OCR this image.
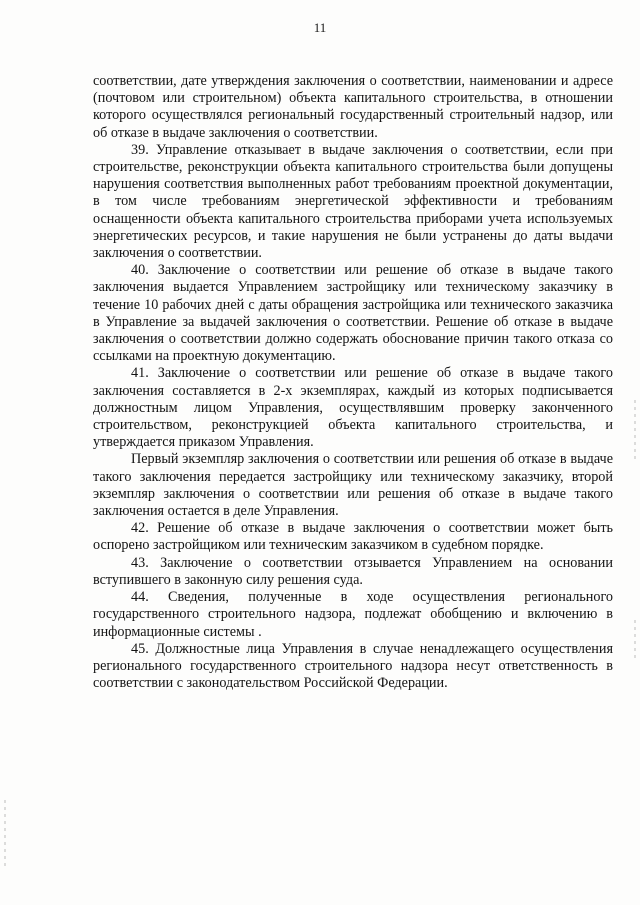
11

соответствии, дате утверждения заключения о соответствии, наименовании и адресе (почтовом или строительном) объекта капитального строительства, в отношении которого осуществлялся региональный государственный строительный надзор, или об отказе в выдаче заключения о соответствии.

39. Управление отказывает в выдаче заключения о соответствии, если при строительстве, реконструкции объекта капитального строительства были допущены нарушения соответствия выполненных работ требованиям проектной документации, в том числе требованиям энергетической эффективности и требованиям оснащенности объекта капитального строительства приборами учета используемых энергетических ресурсов, и такие нарушения не были устранены до даты выдачи заключения о соответствии.

40. Заключение о соответствии или решение об отказе в выдаче такого заключения выдается Управлением застройщику или техническому заказчику в течение 10 рабочих дней с даты обращения застройщика или технического заказчика в Управление за выдачей заключения о соответствии. Решение об отказе в выдаче заключения о соответствии должно содержать обоснование причин такого отказа со ссылками на проектную документацию.

41. Заключение о соответствии или решение об отказе в выдаче такого заключения составляется в 2-х экземплярах, каждый из которых подписывается должностным лицом Управления, осуществлявшим проверку законченного строительством, реконструкцией объекта капитального строительства, и утверждается приказом Управления.

Первый экземпляр заключения о соответствии или решения об отказе в выдаче такого заключения передается застройщику или техническому заказчику, второй экземпляр заключения о соответствии или решения об отказе в выдаче такого заключения остается в деле Управления.

42. Решение об отказе в выдаче заключения о соответствии может быть оспорено застройщиком или техническим заказчиком в судебном порядке.

43. Заключение о соответствии отзывается Управлением на основании вступившего в законную силу решения суда.

44. Сведения, полученные в ходе осуществления регионального государственного строительного надзора, подлежат обобщению и включению в информационные системы .

45. Должностные лица Управления в случае ненадлежащего осуществления регионального государственного строительного надзора несут ответственность в соответствии с законодательством Российской Федерации.
